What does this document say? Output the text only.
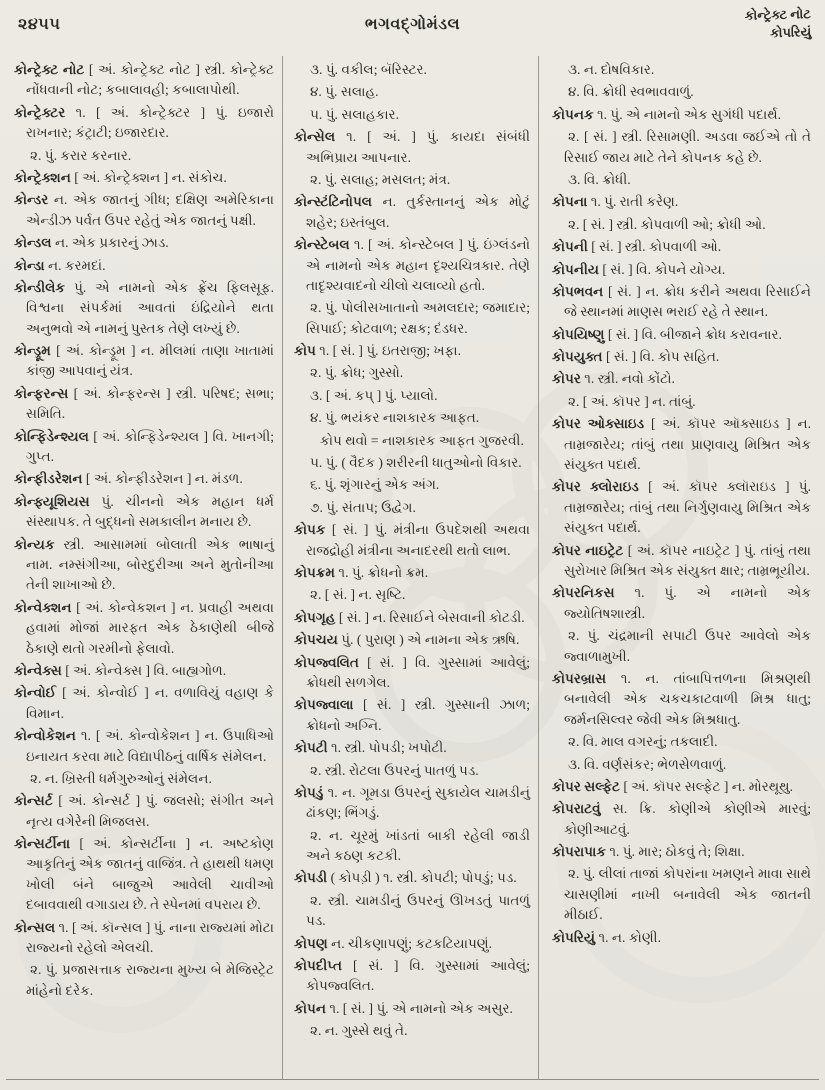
૨૪૫૫	ભગવદ્ગોમંડલ
કોન્ટ્રેક્ટ નોટ
કોપરિયું

કોન્ટ્રેક્ટ નોટ [ અં. કોન્ટ્રેક્ટ નોટ ] સ્ત્રી. કોન્ટ્રેક્ટ નોંધવાની નોટ; કબાલાવહી; કબાલાપોથી.

કોન્ટ્રેક્ટર ૧. [ અં. કોન્ટ્રેક્ટર ] પું. ઇજારો રાખનાર; કંટ્રાટી; ઇજારદાર.

૨. પું. કરાર કરનાર.

કોન્ટ્રેક્શન [ અં. કોન્ટ્રેક્શન ] ન. સંકોચ.

કોન્ડર ન. એક જાતનું ગીધ; દક્ષિણ અમેરિકાના એન્ડીઝ પર્વત ઉપર રહેતું એક જાતનું પક્ષી.

કોન્ડલ ન. એક પ્રકારનું ઝાડ.

કોન્ડા ન. કરમદાં.

કોન્ડીલેક પું. એ નામનો એક ફ્રેંચ ફિલસૂફ. વિશ્વના સંપર્કમાં આવતાં ઇંદ્રિયોને થતા અનુભવો એ નામનું પુસ્તક તેણે લખ્યું છે.

કોન્ડ્રૂમ [ અં. કોન્ડ્રૂમ ] ન. મીલમાં તાણા ખાતામાં કાંજી આપવાનું યંત્ર.

કોન્ફરન્સ [ અં. કોન્ફરન્સ ] સ્ત્રી. પરિષદ; સભા; સમિતિ.

કોન્ફિડેન્શ્યલ [ અં. કોન્ફિડેન્શ્યલ ] વિ. ખાનગી; ગુપ્ત.

કોન્ફીડરેશન [ અં. કોન્ફીડરેશન ] ન. મંડળ.

કોન્ફ્યૂશિયસ પું. ચીનનો એક મહાન ધર્મ સંસ્થાપક. તે બુદ્ધનો સમકાલીન મનાય છે.

કોન્યક સ્ત્રી. આસામમાં બોલાતી એક ભાષાનું નામ. નમ્સંગીઆ, બોરદુરીઆ અને મુતોનીઆ તેની શાખાઓ છે.

કોન્વેક્શન [ અં. કોન્વેકશન ] ન. પ્રવાહી અથવા હવામાં મોજાં મારફત એક ઠેકાણેથી બીજે ઠેકાણે થતો ગરમીનો ફેલાવો.

કોન્વેક્સ [ અં. કોન્વેક્સ ] વિ. બાહ્યગોળ.

કોન્વોઈ [ અં. કોન્વોઈ ] ન. વળાવિયું વહાણ કે વિમાન.

કોન્વોકેશન ૧. [ અં. કોન્વોકેશન ] ન. ઉપાધિઓ ઇનાયત કરવા માટે વિદ્યાપીઠનું વાર્ષિક સંમેલન.

૨. ન. ખ્રિસ્તી ધર્મગુરુઓનું સંમેલન.

કોન્સર્ટ [ અં. કોન્સર્ટ ] પું. જલસો; સંગીત અને નૃત્ય વગેરેની મિજલસ.

કોન્સર્ટીના [ અં. કોન્સર્ટીના ] ન. અષ્ટકોણ આકૃતિનું એક જાતનું વાજિંત્ર. તે હાથથી ધમણ ખોલી બંને બાજુએ આવેલી ચાવીઓ દબાવવાથી વગાડાય છે. તે સ્પેનમાં વપરાય છે.

કોન્સલ ૧. [ અં. કૉન્સલ ] પું. નાના રાજ્યમાં મોટા રાજ્યનો રહેલો એલચી.

૨. પું. પ્રજાસત્તાક રાજ્યના મુખ્ય બે મેજિસ્ટ્રેટ માંહેનો દરેક.

૩. પું. વકીલ; બૅરિસ્ટર.

૪. પું. સલાહ.

૫. પું. સલાહકાર.

કોન્સેલ ૧. [ અં. ] પું. કાયદા સંબંધી અભિપ્રાય આપનાર.

૨. પું. સલાહ; મસલત; મંત્ર.

કોન્સ્ટંટિનોપલ ન. તુર્કસ્તાનનું એક મોટું શહેર; ઇસ્તંબુલ.

કોન્સ્ટેબલ ૧. [ અં. કોન્સ્ટેબલ ] પું. ઇંગ્લંડનો એ નામનો એક મહાન દૃશ્યચિત્રકાર. તેણે તાદૃશ્યવાદનો ચીલો ચલાવ્યો હતો.

૨. પું. પોલીસખાતાનો અમલદાર; જમાદાર; સિપાઈ; કોટવાળ; રક્ષક; દંડધર.

કોપ ૧. [ સં. ] પું. ઇતરાજી; ખફા.

૨. પું. ક્રોધ; ગુસ્સો.

૩. [ અં. કપ્ ] પું. પ્યાલો.

૪. પું. ભયંકર નાશકારક આફત.

કોપ થવો = નાશકારક આફત ગુજરવી.

૫. પું. ( વૈદક ) શરીરની ધાતુઓનો વિકાર.

૬. પું. શૃંગારનું એક અંગ.

૭. પું. સંતાપ; ઉદ્વેગ.

કોપક [ સં. ] પું. મંત્રીના ઉપદેશથી અથવા રાજદ્રોહી મંત્રીના અનાદરથી થતો લાભ.

કોપક્રમ ૧. પું. ક્રોધનો ક્રમ.

૨. [ સં. ] ન. સૃષ્ટિ.

કોપગૃહ [ સં. ] ન. રિસાઈને બેસવાની કોટડી.

કોપચય પું. ( પુરાણ ) એ નામના એક ઋષિ.

કોપજ્વલિત [ સં. ] વિ. ગુસ્સામાં આવેલું; ક્રોધથી સળગેલ.

કોપજ્વાલા [ સં. ] સ્ત્રી. ગુસ્સાની ઝાળ; ક્રોધનો અગ્નિ.

કોપટી ૧. સ્ત્રી. પોપડી; ખપોટી.

૨. સ્ત્રી. રોટલા ઉપરનું પાતળું પડ.

કોપડું ૧. ન. ગૂમડા ઉપરનું સુકાયેલ ચામડીનું ઢાંકણ; ભિંગડું.

૨. ન. ચૂરમું ખાંડતાં બાકી રહેલી જાડી અને કઠણ કટકી.

કોપડી ( કોપડ઼ી ) ૧. સ્ત્રી. કોપટી; પોપડું; પડ.

૨. સ્ત્રી. ચામડીનું ઉપરનું ઊખડતું પાતળું પડ.

કોપણ ન. ચીકણાપણું; કટકટિયાપણું.

કોપદીપ્ત [ સં. ] વિ. ગુસ્સામાં આવેલું; કોપજ્વલિત.

કોપન ૧. [ સં. ] પું. એ નામનો એક અસુર.

૨. ન. ગુસ્સે થવું તે.

૩. ન. દોષવિકાર.

૪. વિ. ક્રોધી સ્વભાવવાળું.

કોપનક ૧. પું. એ નામનો એક સુગંધી પદાર્થ.

૨. [ સં. ] સ્ત્રી. રિસામણી. અડવા જઈએ તો તે રિસાઈ જાય માટે તેને કોપનક કહે છે.

૩. વિ. ક્રોધી.

કોપના ૧. પું. રાતી કરેણ.

૨. [ સં. ] સ્ત્રી. કોપવાળી ઓ; ક્રોધી ઓ.

કોપની [ સં. ] સ્ત્રી. કોપવાળી ઓ.

કોપનીય [ સં. ] વિ. કોપને યોગ્ય.

કોપભવન [ સં. ] ન. ક્રોધ કરીને અથવા રિસાઈને જે સ્થાનમાં માણસ ભરાઈ રહે તે સ્થાન.

કોપયિષ્ણુ [ સં. ] વિ. બીજાને ક્રોધ કરાવનાર.

કોપયુક્ત [ સં. ] વિ. કોપ સહિત.

કોપર ૧. સ્ત્રી. નવો કોંટો.

૨. [ અં. કૉપર ] ન. તાંબું.

કોપર ઓક્સાઇડ [ અં. કૉપર ઑક્સાઇડ ] ન. તામ્રજારેય; તાંબું તથા પ્રાણવાયુ મિશ્રિત એક સંયુક્ત પદાર્થ.

કોપર ક્લોરાઇડ [ અં. કૉપર ક્લૉરાઇડ ] પું. તામ્રજારેય; તાંબું તથા નિર્ગુણવાયુ મિશ્રિત એક સંયુક્ત પદાર્થ.

કોપર નાઇટ્રેટ [ અં. કૉપર નાઇટ્રેટ ] પું. તાંબું તથા સુરોખાર મિશ્રિત એક સંયુક્ત ક્ષાર; તામ્રભૂયીય.

કોપરનિકસ ૧. પું. એ નામનો એક જ્યોતિષશાસ્ત્રી.

૨. પું. ચંદ્રમાની સપાટી ઉપર આવેલો એક જ્વાળામુખી.

કોપરબ્રાસ ૧. ન. તાંબાપિત્તળના મિશ્રણથી બનાવેલી એક ચકચકાટવાળી મિશ્ર ધાતુ; જર્મનસિલ્વર જેવી એક મિશ્રધાતુ.

૨. વિ. માલ વગરનું; તકલાદી.

૩. વિ. વર્ણસંકર; ભેળસેળવાળું.

કોપર સલ્ફેટ [ અં. કૉપર સલ્ફેટ ] ન. મોરથૂથુ.

કોપરાટવું સ. ક્રિ. કોણીએ કોણીએ મારવું; કોણીઆટવું.

કોપરાપાક ૧. પું. માર; ઠોકવું તે; શિક્ષા.

૨. પું. લીલાં તાજાં કોપરાંના ખમણને માવા સાથે ચાસણીમાં નાખી બનાવેલી એક જાતની મીઠાઈ.

કોપરિયું ૧. ન. કોણી.
